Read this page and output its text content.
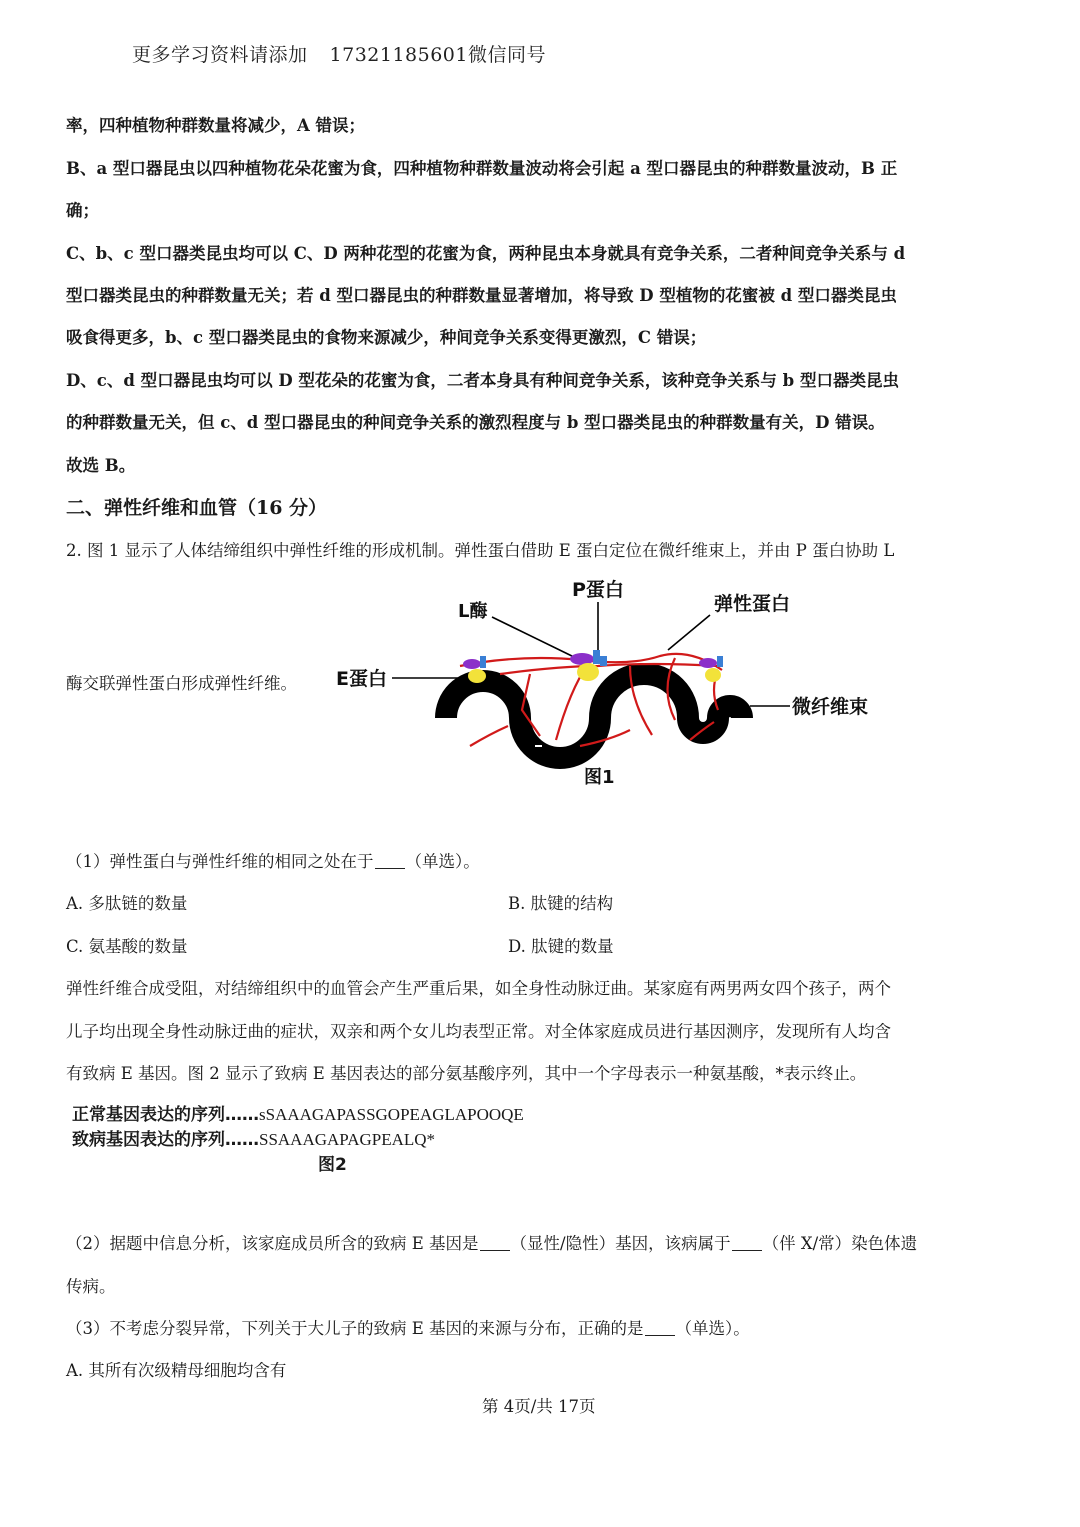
更多学习资料请添加 17321185601微信同号
率，四种植物种群数量将减少，A 错误；
B、a 型口器昆虫以四种植物花朵花蜜为食，四种植物种群数量波动将会引起 a 型口器昆虫的种群数量波动，B 正
确；
C、b、c 型口器类昆虫均可以 C、D 两种花型的花蜜为食，两种昆虫本身就具有竞争关系，二者种间竞争关系与 d
型口器类昆虫的种群数量无关；若 d 型口器昆虫的种群数量显著增加，将导致 D 型植物的花蜜被 d 型口器类昆虫
吸食得更多，b、c 型口器类昆虫的食物来源减少，种间竞争关系变得更激烈，C 错误；
D、c、d 型口器昆虫均可以 D 型花朵的花蜜为食，二者本身具有种间竞争关系，该种竞争关系与 b 型口器类昆虫
的种群数量无关，但 c、d 型口器昆虫的种间竞争关系的激烈程度与 b 型口器类昆虫的种群数量有关，D 错误。
故选 B。
二、弹性纤维和血管（16 分）
2. 图 1 显示了人体结缔组织中弹性纤维的形成机制。弹性蛋白借助 E 蛋白定位在微纤维束上，并由 P 蛋白协助 L
酶交联弹性蛋白形成弹性纤维。
P蛋白
L酶	弹性蛋白
E蛋白
微纤维束
图1
（1）弹性蛋白与弹性纤维的相同之处在于 （单选）。
A. 多肽链的数量	B. 肽键的结构
C. 氨基酸的数量	D. 肽键的数量
弹性纤维合成受阻，对结缔组织中的血管会产生严重后果，如全身性动脉迂曲。某家庭有两男两女四个孩子，两个
儿子均出现全身性动脉迂曲的症状，双亲和两个女儿均表型正常。对全体家庭成员进行基因测序，发现所有人均含
有致病 E 基因。图 2 显示了致病 E 基因表达的部分氨基酸序列，其中一个字母表示一种氨基酸，*表示终止。
正常基因表达的序列……sSAAAGAPASSGOPEAGLAPOOQE
致病基因表达的序列……SSAAAGAPAGPEALQ*
图2
（2）据题中信息分析，该家庭成员所含的致病 E 基因是 （显性/隐性）基因，该病属于 （伴 X/常）染色体遗
传病。
（3）不考虑分裂异常，下列关于大儿子的致病 E 基因的来源与分布，正确的是 （单选）。
A. 其所有次级精母细胞均含有
第 4页/共 17页
